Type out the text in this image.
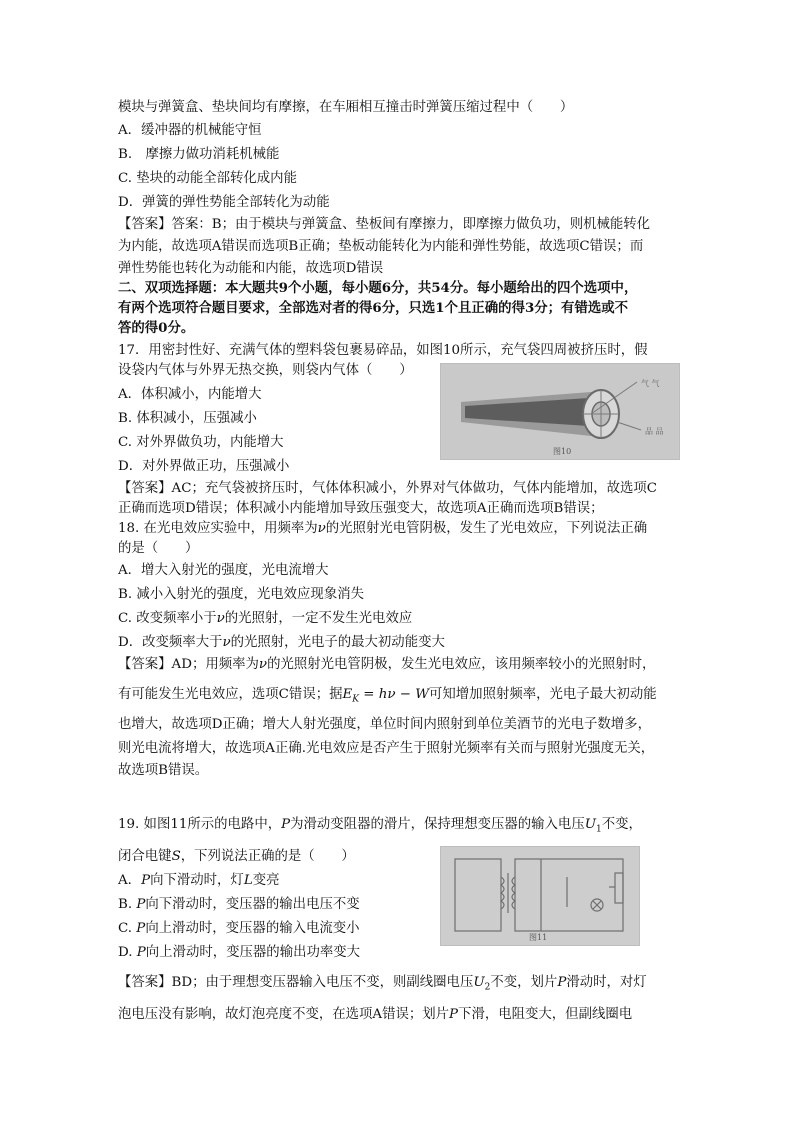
模块与弹簧盒、垫块间均有摩擦，在车厢相互撞击时弹簧压缩过程中（　　）
A．缓冲器的机械能守恒
B.　摩擦力做功消耗机械能
C. 垫块的动能全部转化成内能
D．弹簧的弹性势能全部转化为动能
【答案】答案：B；由于模块与弹簧盒、垫板间有摩擦力，即摩擦力做负功，则机械能转化
为内能，故选项A错误而选项B正确；垫板动能转化为内能和弹性势能，故选项C错误；而
弹性势能也转化为动能和内能，故选项D错误
二、双项选择题：本大题共9个小题，每小题6分，共54分。每小题给出的四个选项中，
有两个选项符合题目要求，全部选对者的得6分，只选1个且正确的得3分；有错选或不
答的得0分。
17．用密封性好、充满气体的塑料袋包裹易碎品，如图10所示，充气袋四周被挤压时，假
设袋内气体与外界无热交换，则袋内气体（　　）
A．体积减小，内能增大
B. 体积减小，压强减小
C. 对外界做负功，内能增大
D．对外界做正功，压强减小
【答案】AC；充气袋被挤压时，气体体积减小，外界对气体做功，气体内能增加，故选项C
正确而选项D错误；体积减小内能增加导致压强变大，故选项A正确而选项B错误；
气 气
品 品
图10
18. 在光电效应实验中，用频率为ν的光照射光电管阴极，发生了光电效应，下列说法正确
的是（　　）
A．增大入射光的强度，光电流增大
B. 减小入射光的强度，光电效应现象消失
C. 改变频率小于ν的光照射，一定不发生光电效应
D．改变频率大于ν的光照射，光电子的最大初动能变大
【答案】AD；用频率为ν的光照射光电管阴极，发生光电效应，该用频率较小的光照射时，
有可能发生光电效应，选项C错误；据$E_K = h\nu - W$可知增加照射频率，光电子最大初动能
也增大，故选项D正确；增大人射光强度，单位时间内照射到单位美酒节的光电子数增多，
则光电流将增大，故选项A正确.光电效应是否产生于照射光频率有关而与照射光强度无关，
故选项B错误。
19. 如图11所示的电路中，P为滑动变阻器的滑片，保持理想变压器的输入电压$U_1$不变，
闭合电键S，下列说法正确的是（　　）
A．P向下滑动时，灯L变亮
B. P向下滑动时，变压器的输出电压不变
C. P向上滑动时，变压器的输入电流变小
D. P向上滑动时，变压器的输出功率变大
【答案】BD；由于理想变压器输入电压不变，则副线圈电压$U_2$不变，划片P滑动时，对灯
泡电压没有影响，故灯泡亮度不变，在选项A错误；划片P下滑，电阻变大，但副线圈电
图11
